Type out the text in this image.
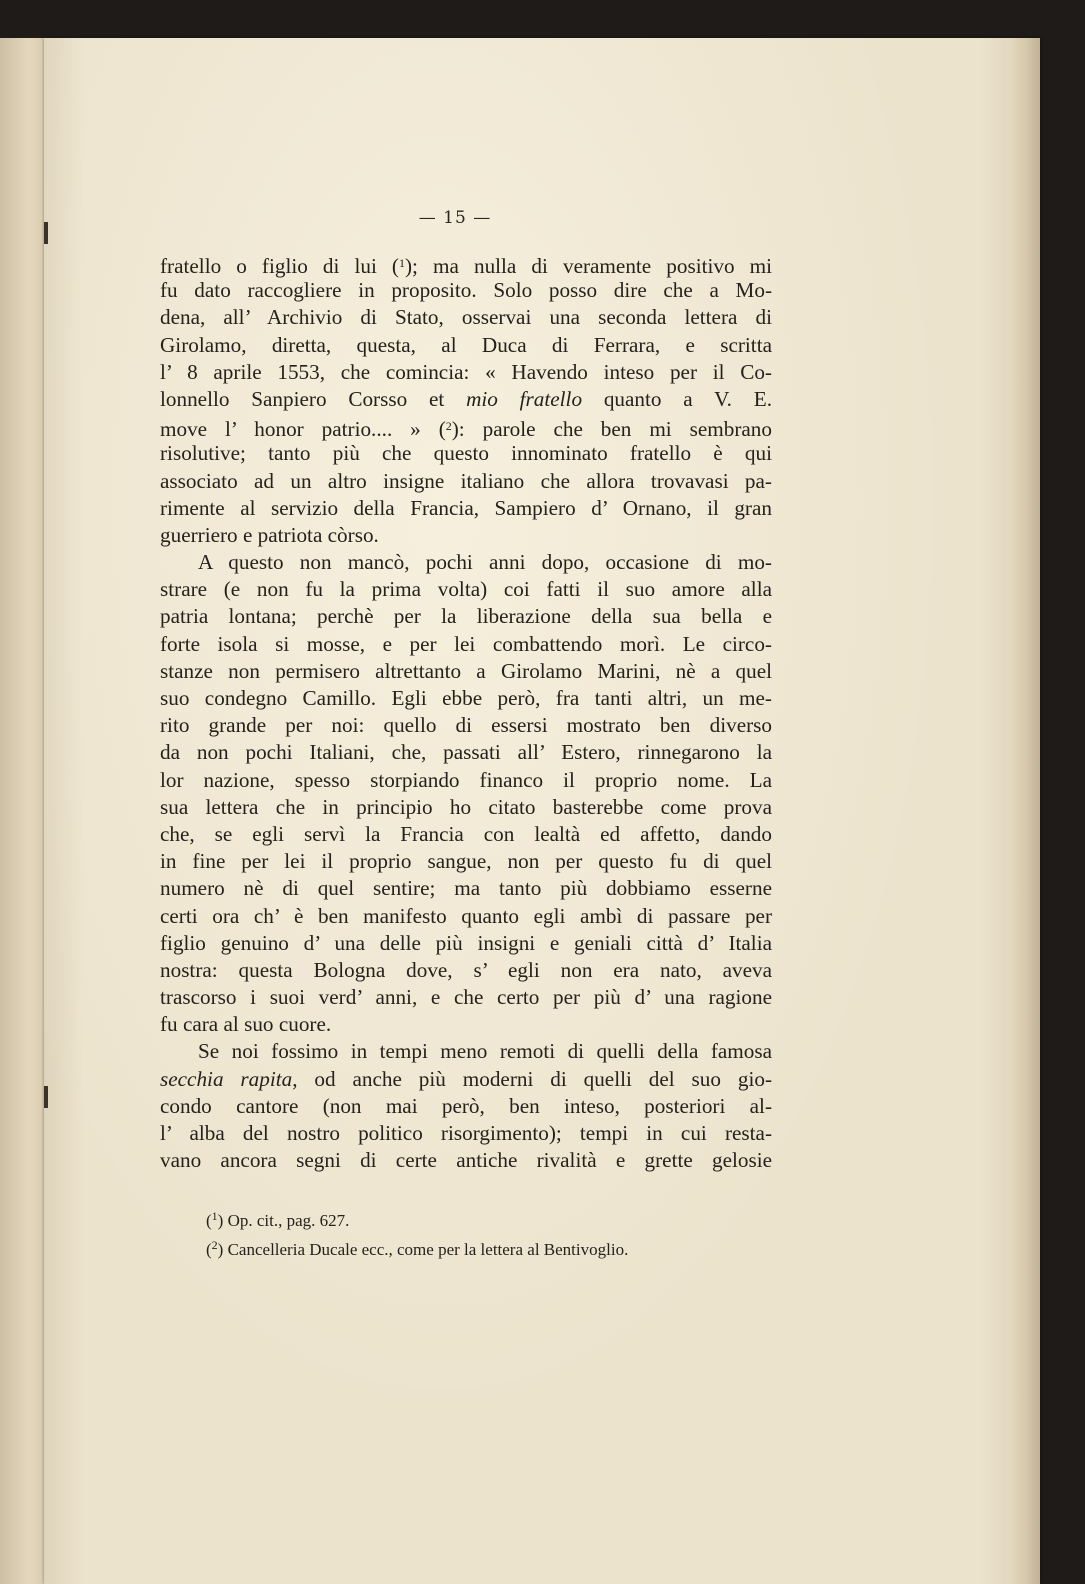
— 15 —
fratello o figlio di lui ($^1$); ma nulla di veramente positivo mi
fu dato raccogliere in proposito. Solo posso dire che a Mo-
dena, all’ Archivio di Stato, osservai una seconda lettera di
Girolamo, diretta, questa, al Duca di Ferrara, e scritta
l’ 8 aprile 1553, che comincia: « Havendo inteso per il Co-
lonnello Sanpiero Corsso et mio fratello quanto a V. E.
move l’ honor patrio.... » ($^2$): parole che ben mi sembrano
risolutive; tanto più che questo innominato fratello è qui
associato ad un altro insigne italiano che allora trovavasi pa-
rimente al servizio della Francia, Sampiero d’ Ornano, il gran
guerriero e patriota còrso.
A questo non mancò, pochi anni dopo, occasione di mo-
strare (e non fu la prima volta) coi fatti il suo amore alla
patria lontana; perchè per la liberazione della sua bella e
forte isola si mosse, e per lei combattendo morì. Le circo-
stanze non permisero altrettanto a Girolamo Marini, nè a quel
suo condegno Camillo. Egli ebbe però, fra tanti altri, un me-
rito grande per noi: quello di essersi mostrato ben diverso
da non pochi Italiani, che, passati all’ Estero, rinnegarono la
lor nazione, spesso storpiando financo il proprio nome. La
sua lettera che in principio ho citato basterebbe come prova
che, se egli servì la Francia con lealtà ed affetto, dando
in fine per lei il proprio sangue, non per questo fu di quel
numero nè di quel sentire; ma tanto più dobbiamo esserne
certi ora ch’ è ben manifesto quanto egli ambì di passare per
figlio genuino d’ una delle più insigni e geniali città d’ Italia
nostra: questa Bologna dove, s’ egli non era nato, aveva
trascorso i suoi verd’ anni, e che certo per più d’ una ragione
fu cara al suo cuore.
Se noi fossimo in tempi meno remoti di quelli della famosa
secchia rapita, od anche più moderni di quelli del suo gio-
condo cantore (non mai però, ben inteso, posteriori al-
l’ alba del nostro politico risorgimento); tempi in cui resta-
vano ancora segni di certe antiche rivalità e grette gelosie
($^1$) Op. cit., pag. 627.
($^2$) Cancelleria Ducale ecc., come per la lettera al Bentivoglio.
